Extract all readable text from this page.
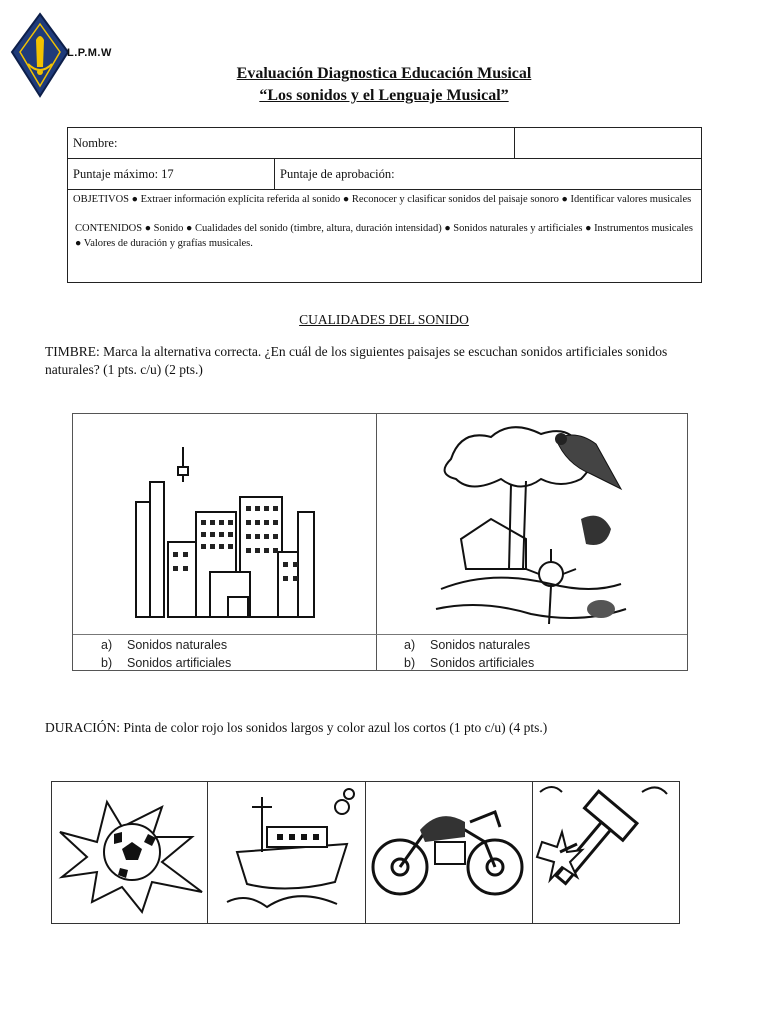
L.P.M.W
Evaluación Diagnostica Educación Musical
“Los sonidos y el Lenguaje Musical”
Nombre:		
Puntaje máximo: 17	Puntaje de aprobación:	

OBJETIVOS ● Extraer información explícita referida al sonido ● Reconocer y clasificar sonidos del paisaje sonoro ● Identificar valores musicales
CONTENIDOS ● Sonido ● Cualidades del sonido (timbre, altura, duración intensidad) ● Sonidos naturales y artificiales ● Instrumentos musicales ● Valores de duración y grafías musicales.		
CUALIDADES DEL SONIDO
TIMBRE: Marca la alternativa correcta. ¿En cuál de los siguientes paisajes se escuchan sonidos artificiales sonidos naturales? (1 pts. c/u) (2 pts.)
a) Sonidos naturales
b) Sonidos artificiales
a) Sonidos naturales
b) Sonidos artificiales
DURACIÓN: Pinta de color rojo los sonidos largos y color azul los cortos (1 pto c/u) (4 pts.)
